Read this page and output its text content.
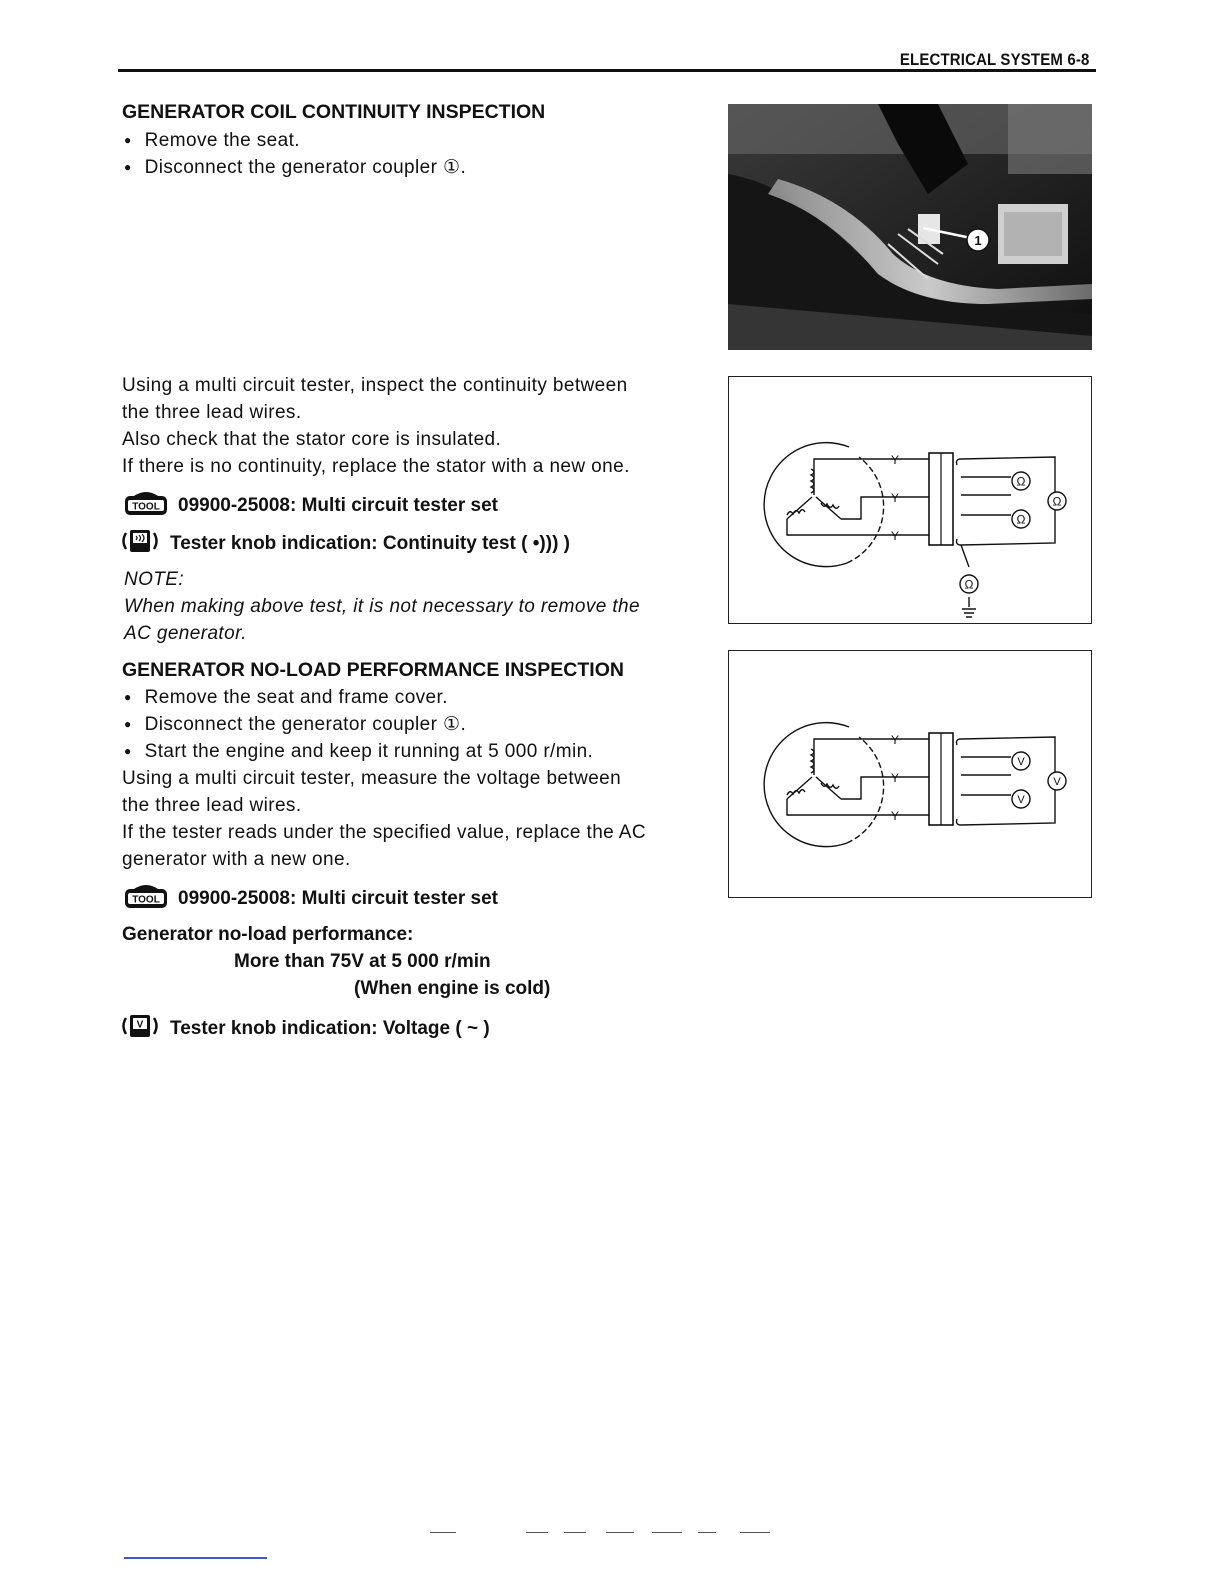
ELECTRICAL SYSTEM 6-8
GENERATOR COIL CONTINUITY INSPECTION
● Remove the seat.
● Disconnect the generator coupler ①.
Using a multi circuit tester, inspect the continuity between
the three lead wires.
Also check that the stator core is insulated.
If there is no continuity, replace the stator with a new one.
TOOL 09900-25008: Multi circuit tester set
Tester knob indication: Continuity test ( •))) )
NOTE:
When making above test, it is not necessary to remove the
AC generator.
GENERATOR NO-LOAD PERFORMANCE INSPECTION
● Remove the seat and frame cover.
● Disconnect the generator coupler ①.
● Start the engine and keep it running at 5 000 r/min.
Using a multi circuit tester, measure the voltage between
the three lead wires.
If the tester reads under the specified value, replace the AC
generator with a new one.
TOOL 09900-25008: Multi circuit tester set
Generator no-load performance:
More than 75V at 5 000 r/min
(When engine is cold)
V Tester knob indication: Voltage ( ~ )
1
Y
Y
Y
Ω
Ω
Ω
Ω
Y
Y
Y
V
V
V
